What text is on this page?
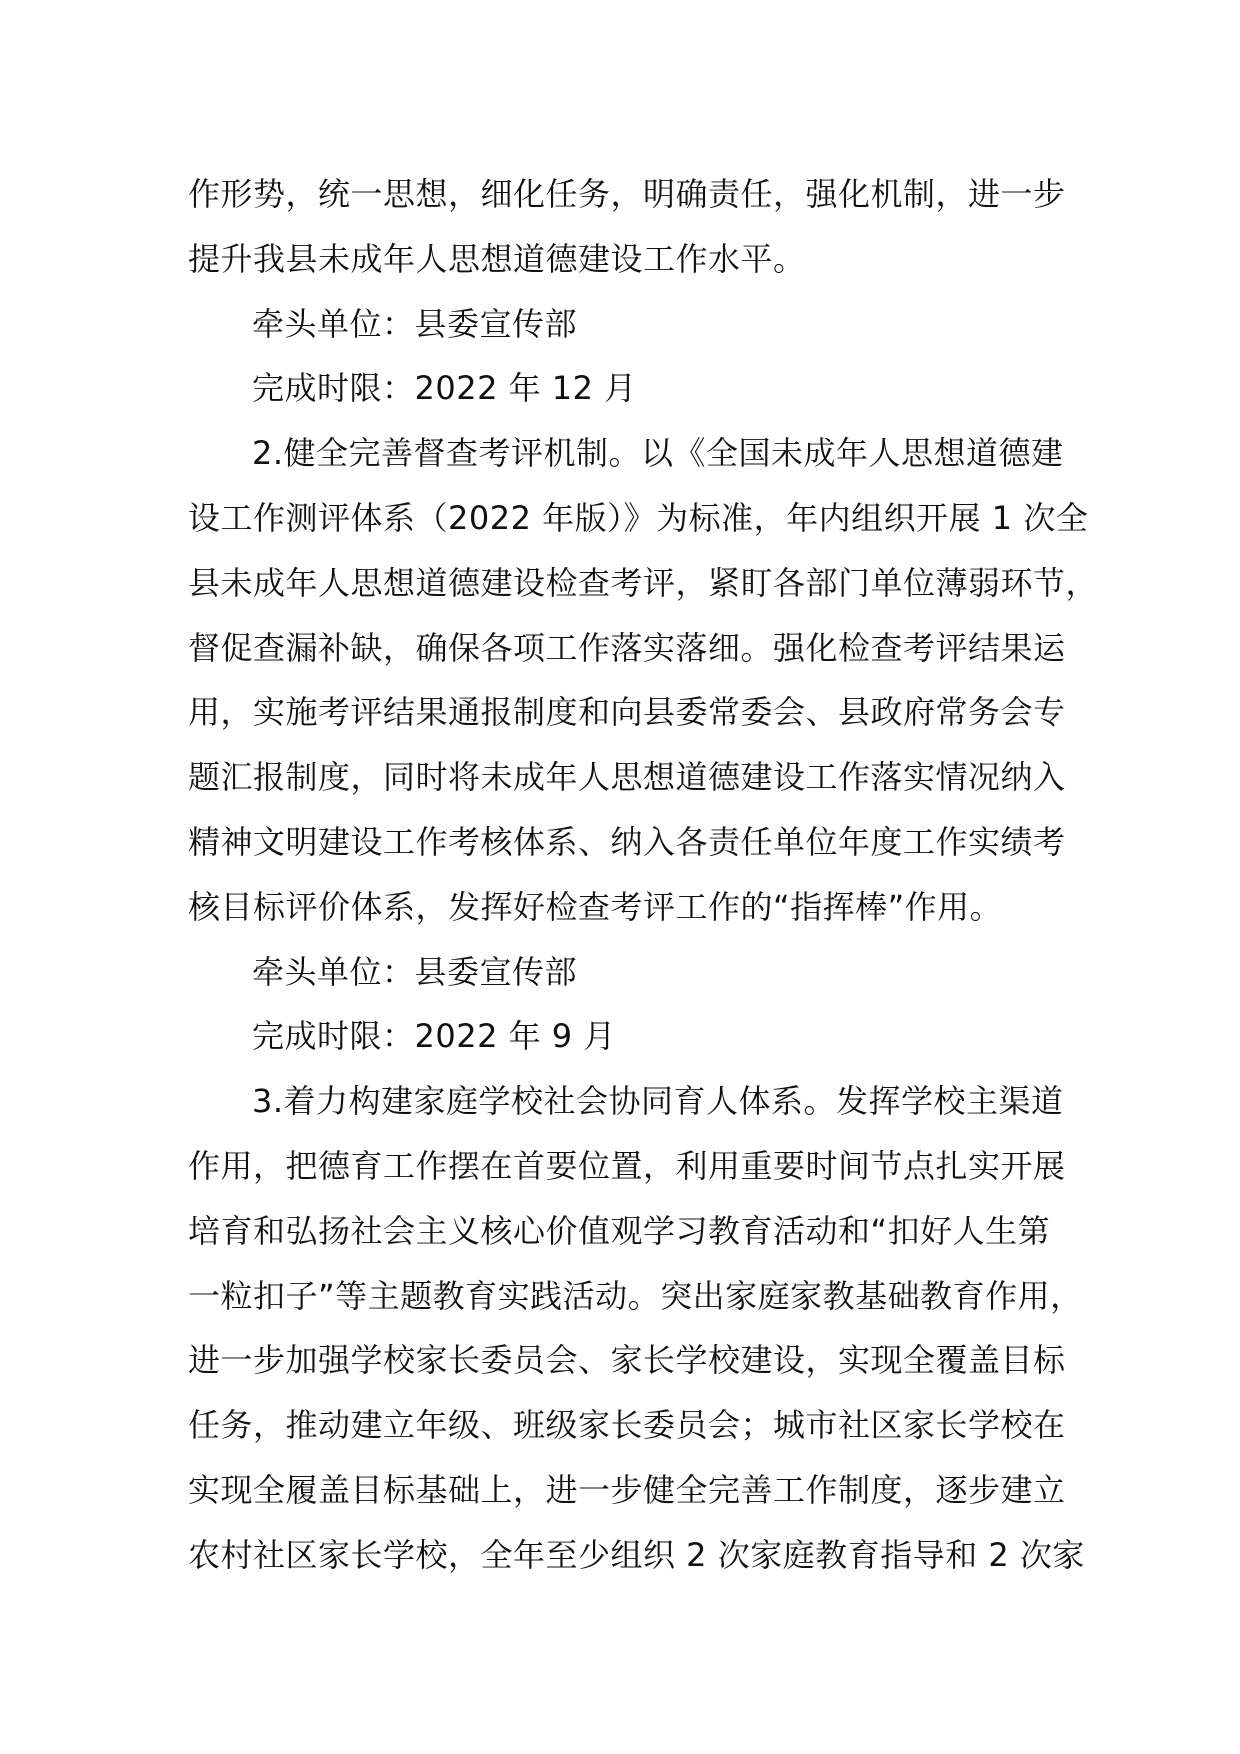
作形势，统一思想，细化任务，明确责任，强化机制，进一步
提升我县未成年人思想道德建设工作水平。
牵头单位：县委宣传部
完成时限：2022 年 12 月
2.健全完善督查考评机制。以《全国未成年人思想道德建
设工作测评体系（2022 年版）》为标准，年内组织开展 1 次全
县未成年人思想道德建设检查考评，紧盯各部门单位薄弱环节，
督促查漏补缺，确保各项工作落实落细。强化检查考评结果运
用，实施考评结果通报制度和向县委常委会、县政府常务会专
题汇报制度，同时将未成年人思想道德建设工作落实情况纳入
精神文明建设工作考核体系、纳入各责任单位年度工作实绩考
核目标评价体系，发挥好检查考评工作的“指挥棒”作用。
牵头单位：县委宣传部
完成时限：2022 年 9 月
3.着力构建家庭学校社会协同育人体系。发挥学校主渠道
作用，把德育工作摆在首要位置，利用重要时间节点扎实开展
培育和弘扬社会主义核心价值观学习教育活动和“扣好人生第
一粒扣子”等主题教育实践活动。突出家庭家教基础教育作用，
进一步加强学校家长委员会、家长学校建设，实现全覆盖目标
任务，推动建立年级、班级家长委员会；城市社区家长学校在
实现全履盖目标基础上，进一步健全完善工作制度，逐步建立
农村社区家长学校，全年至少组织 2 次家庭教育指导和 2 次家
